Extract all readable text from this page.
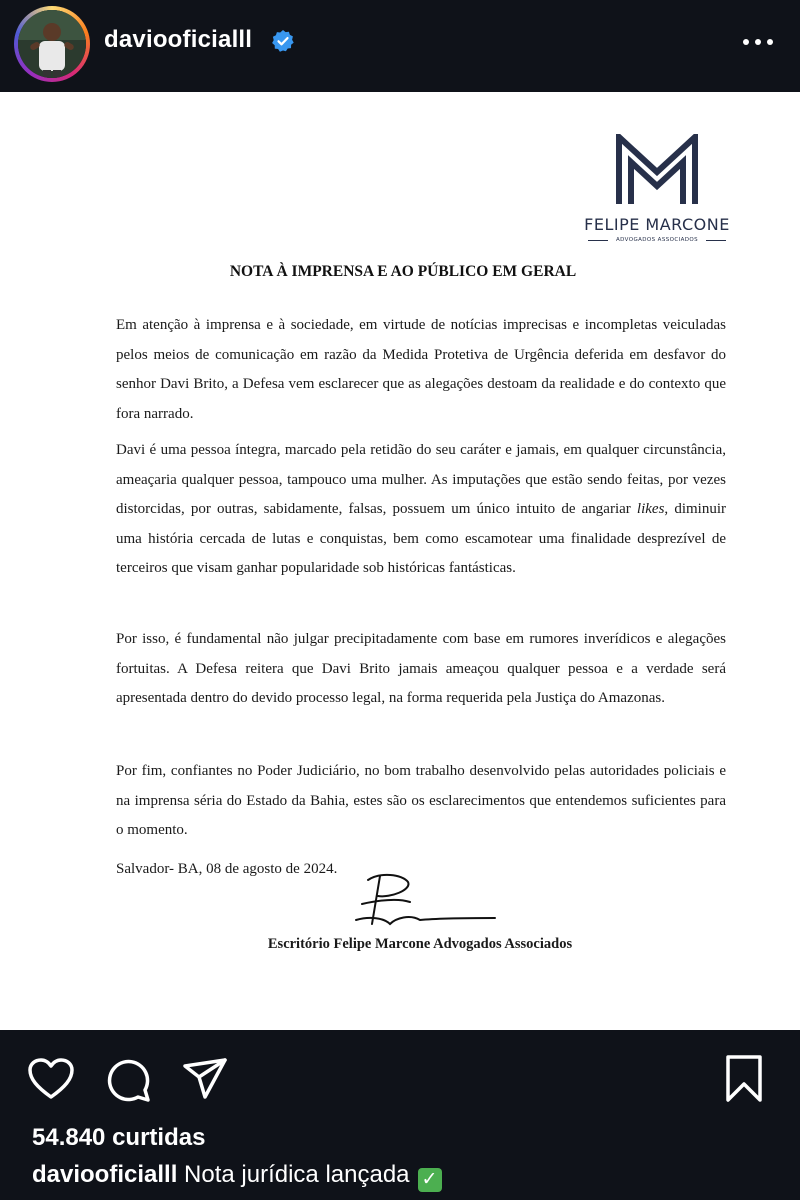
daviooficialll
FELIPE MARCONE
ADVOGADOS ASSOCIADOS
NOTA À IMPRENSA E AO PÚBLICO EM GERAL

Em atenção à imprensa e à sociedade, em virtude de notícias imprecisas e incompletas veiculadas pelos meios de comunicação em razão da Medida Protetiva de Urgência deferida em desfavor do senhor Davi Brito, a Defesa vem esclarecer que as alegações destoam da realidade e do contexto que fora narrado.

Davi é uma pessoa íntegra, marcado pela retidão do seu caráter e jamais, em qualquer circunstância, ameaçaria qualquer pessoa, tampouco uma mulher. As imputações que estão sendo feitas, por vezes distorcidas, por outras, sabidamente, falsas, possuem um único intuito de angariar likes, diminuir uma história cercada de lutas e conquistas, bem como escamotear uma finalidade desprezível de terceiros que visam ganhar popularidade sob históricas fantásticas.

Por isso, é fundamental não julgar precipitadamente com base em rumores inverídicos e alegações fortuitas. A Defesa reitera que Davi Brito jamais ameaçou qualquer pessoa e a verdade será apresentada dentro do devido processo legal, na forma requerida pela Justiça do Amazonas.

Por fim, confiantes no Poder Judiciário, no bom trabalho desenvolvido pelas autoridades policiais e na imprensa séria do Estado da Bahia, estes são os esclarecimentos que entendemos suficientes para o momento.

Salvador- BA, 08 de agosto de 2024.
Escritório Felipe Marcone Advogados Associados
54.840 curtidas
daviooficialll Nota jurídica lançada ✓
